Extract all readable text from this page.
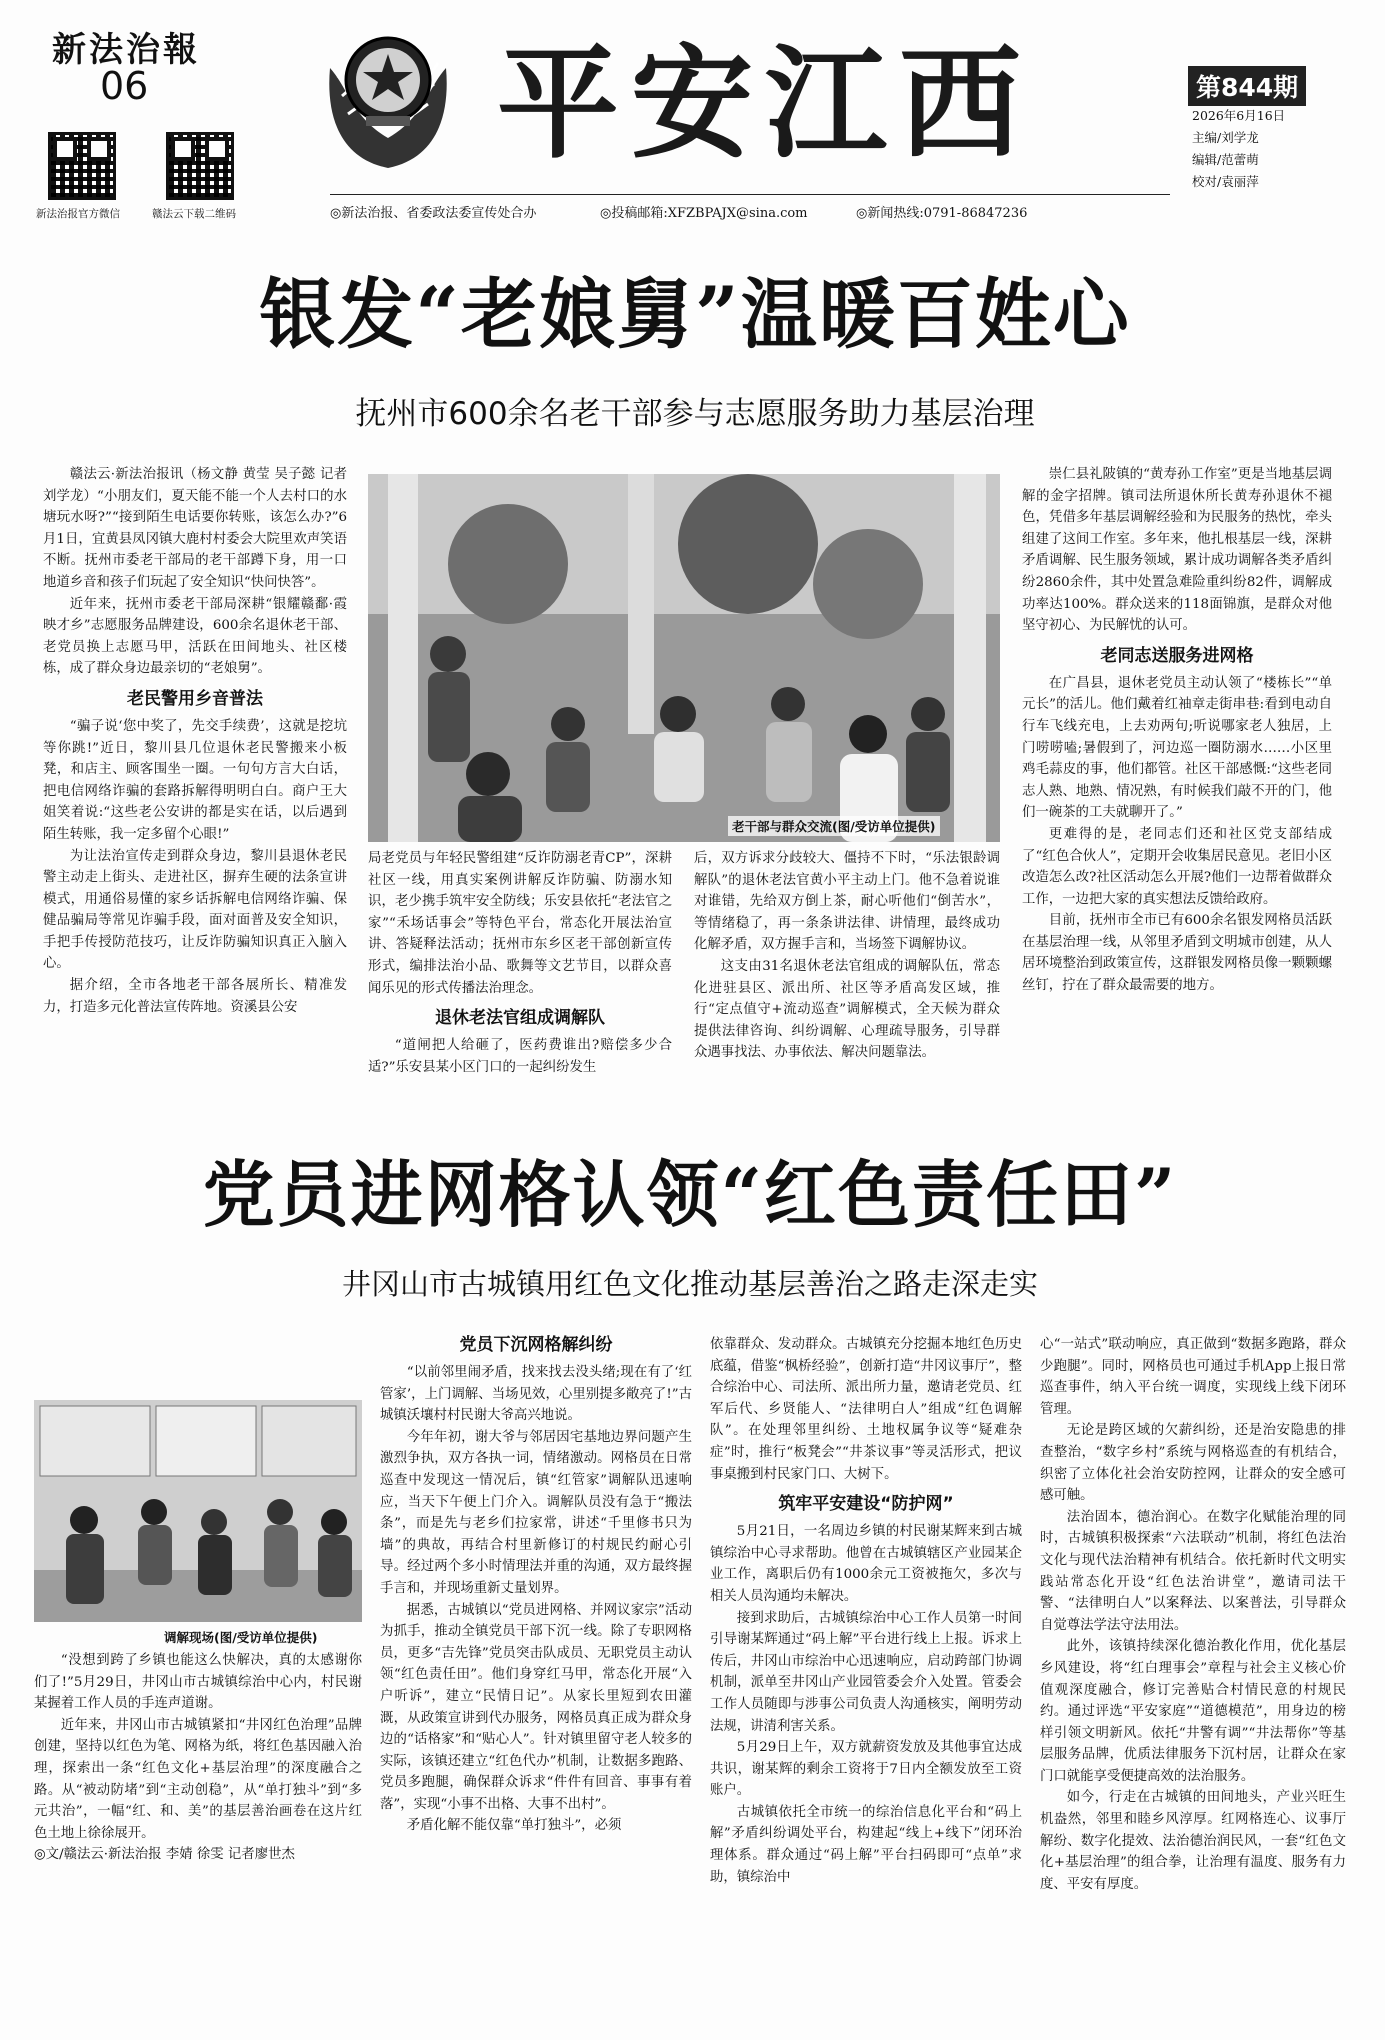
新法治報
06
新法治报官方微信	赣法云下载二维码
平安江西	第844期
2026年6月16日
主编/刘学龙
编辑/范蕾萌
校对/袁丽萍
◎新法治报、省委政法委宣传处合办	◎投稿邮箱:XFZBPAJX@sina.com	◎新闻热线:0791-86847236
银发“老娘舅”温暖百姓心
抚州市600余名老干部参与志愿服务助力基层治理
老干部与群众交流(图/受访单位提供)

赣法云·新法治报讯（杨文静 黄莹 吴子懿 记者刘学龙）“小朋友们，夏天能不能一个人去村口的水塘玩水呀?”“接到陌生电话要你转账，该怎么办?”6月1日，宜黄县凤冈镇大鹿村村委会大院里欢声笑语不断。抚州市委老干部局的老干部蹲下身，用一口地道乡音和孩子们玩起了安全知识“快问快答”。

近年来，抚州市委老干部局深耕“银耀赣鄱·霞映才乡”志愿服务品牌建设，600余名退休老干部、老党员换上志愿马甲，活跃在田间地头、社区楼栋，成了群众身边最亲切的“老娘舅”。

老民警用乡音普法

“骗子说‘您中奖了，先交手续费’，这就是挖坑等你跳!”近日，黎川县几位退休老民警搬来小板凳，和店主、顾客围坐一圈。一句句方言大白话，把电信网络诈骗的套路拆解得明明白白。商户王大姐笑着说:“这些老公安讲的都是实在话，以后遇到陌生转账，我一定多留个心眼!”

为让法治宣传走到群众身边，黎川县退休老民警主动走上街头、走进社区，摒弃生硬的法条宣讲模式，用通俗易懂的家乡话拆解电信网络诈骗、保健品骗局等常见诈骗手段，面对面普及安全知识，手把手传授防范技巧，让反诈防骗知识真正入脑入心。

据介绍，全市各地老干部各展所长、精准发力，打造多元化普法宣传阵地。资溪县公安

局老党员与年轻民警组建“反诈防溺老青CP”，深耕社区一线，用真实案例讲解反诈防骗、防溺水知识，老少携手筑牢安全防线；乐安县依托“老法官之家”“禾场话事会”等特色平台，常态化开展法治宣讲、答疑释法活动；抚州市东乡区老干部创新宣传形式，编排法治小品、歌舞等文艺节目，以群众喜闻乐见的形式传播法治理念。

退休老法官组成调解队

“道闸把人给砸了，医药费谁出?赔偿多少合适?”乐安县某小区门口的一起纠纷发生

后，双方诉求分歧较大、僵持不下时，“乐法银龄调解队”的退休老法官黄小平主动上门。他不急着说谁对谁错，先给双方倒上茶，耐心听他们“倒苦水”，等情绪稳了，再一条条讲法律、讲情理，最终成功化解矛盾，双方握手言和，当场签下调解协议。

这支由31名退休老法官组成的调解队伍，常态化进驻县区、派出所、社区等矛盾高发区域，推行“定点值守+流动巡查”调解模式，全天候为群众提供法律咨询、纠纷调解、心理疏导服务，引导群众遇事找法、办事依法、解决问题靠法。

崇仁县礼陂镇的“黄寿孙工作室”更是当地基层调解的金字招牌。镇司法所退休所长黄寿孙退休不褪色，凭借多年基层调解经验和为民服务的热忱，牵头组建了这间工作室。多年来，他扎根基层一线，深耕矛盾调解、民生服务领域，累计成功调解各类矛盾纠纷2860余件，其中处置急难险重纠纷82件，调解成功率达100%。群众送来的118面锦旗，是群众对他坚守初心、为民解忧的认可。

老同志送服务进网格

在广昌县，退休老党员主动认领了“楼栋长”“单元长”的活儿。他们戴着红袖章走街串巷:看到电动自行车飞线充电，上去劝两句;听说哪家老人独居，上门唠唠嗑;暑假到了，河边巡一圈防溺水……小区里鸡毛蒜皮的事，他们都管。社区干部感慨:“这些老同志人熟、地熟、情况熟，有时候我们敲不开的门，他们一碗茶的工夫就聊开了。”

更难得的是，老同志们还和社区党支部结成了“红色合伙人”，定期开会收集居民意见。老旧小区改造怎么改?社区活动怎么开展?他们一边帮着做群众工作，一边把大家的真实想法反馈给政府。

目前，抚州市全市已有600余名银发网格员活跃在基层治理一线，从邻里矛盾到文明城市创建，从人居环境整治到政策宣传，这群银发网格员像一颗颗螺丝钉，拧在了群众最需要的地方。

党员进网格认领“红色责任田”
井冈山市古城镇用红色文化推动基层善治之路走深走实
调解现场(图/受访单位提供)

“没想到跨了乡镇也能这么快解决，真的太感谢你们了!”5月29日，井冈山市古城镇综治中心内，村民谢某握着工作人员的手连声道谢。

近年来，井冈山市古城镇紧扣“井冈红色治理”品牌创建，坚持以红色为笔、网格为纸，将红色基因融入治理，探索出一条“红色文化+基层治理”的深度融合之路。从“被动防堵”到“主动创稳”，从“单打独斗”到“多元共治”，一幅“红、和、美”的基层善治画卷在这片红色土地上徐徐展开。

◎文/赣法云·新法治报 李婧 徐雯 记者廖世杰

党员下沉网格解纠纷

“以前邻里闹矛盾，找来找去没头绪;现在有了‘红管家’，上门调解、当场见效，心里别提多敞亮了!”古城镇沃壤村村民谢大爷高兴地说。

今年年初，谢大爷与邻居因宅基地边界问题产生激烈争执，双方各执一词，情绪激动。网格员在日常巡查中发现这一情况后，镇“红管家”调解队迅速响应，当天下午便上门介入。调解队员没有急于“搬法条”，而是先与老乡们拉家常，讲述“千里修书只为墙”的典故，再结合村里新修订的村规民约耐心引导。经过两个多小时情理法并重的沟通，双方最终握手言和，并现场重新丈量划界。

据悉，古城镇以“党员进网格、并网议家宗”活动为抓手，推动全镇党员干部下沉一线。除了专职网格员，更多“吉先锋”党员突击队成员、无职党员主动认领“红色责任田”。他们身穿红马甲，常态化开展“入户听诉”，建立“民情日记”。从家长里短到农田灌溉，从政策宣讲到代办服务，网格员真正成为群众身边的“话格家”和“贴心人”。针对镇里留守老人较多的实际，该镇还建立“红色代办”机制，让数据多跑路、党员多跑腿，确保群众诉求“件件有回音、事事有着落”，实现“小事不出格、大事不出村”。

矛盾化解不能仅靠“单打独斗”，必须

依靠群众、发动群众。古城镇充分挖掘本地红色历史底蕴，借鉴“枫桥经验”，创新打造“井冈议事厅”，整合综治中心、司法所、派出所力量，邀请老党员、红军后代、乡贤能人、“法律明白人”组成“红色调解队”。在处理邻里纠纷、土地权属争议等“疑难杂症”时，推行“板凳会”“井茶议事”等灵活形式，把议事桌搬到村民家门口、大树下。

筑牢平安建设“防护网”

5月21日，一名周边乡镇的村民谢某辉来到古城镇综治中心寻求帮助。他曾在古城镇辖区产业园某企业工作，离职后仍有1000余元工资被拖欠，多次与相关人员沟通均未解决。

接到求助后，古城镇综治中心工作人员第一时间引导谢某辉通过“码上解”平台进行线上上报。诉求上传后，井冈山市综治中心迅速响应，启动跨部门协调机制，派单至井冈山产业园管委会介入处置。管委会工作人员随即与涉事公司负责人沟通核实，阐明劳动法规，讲清利害关系。

5月29日上午，双方就薪资发放及其他事宜达成共识，谢某辉的剩余工资将于7日内全额发放至工资账户。

古城镇依托全市统一的综治信息化平台和“码上解”矛盾纠纷调处平台，构建起“线上+线下”闭环治理体系。群众通过“码上解”平台扫码即可“点单”求助，镇综治中

心“一站式”联动响应，真正做到“数据多跑路，群众少跑腿”。同时，网格员也可通过手机App上报日常巡查事件，纳入平台统一调度，实现线上线下闭环管理。

无论是跨区域的欠薪纠纷，还是治安隐患的排查整治，“数字乡村”系统与网格巡查的有机结合，织密了立体化社会治安防控网，让群众的安全感可感可触。

法治固本，德治润心。在数字化赋能治理的同时，古城镇积极探索“六法联动”机制，将红色法治文化与现代法治精神有机结合。依托新时代文明实践站常态化开设“红色法治讲堂”，邀请司法干警、“法律明白人”以案释法、以案普法，引导群众自觉尊法学法守法用法。

此外，该镇持续深化德治教化作用，优化基层乡风建设，将“红白理事会”章程与社会主义核心价值观深度融合，修订完善贴合村情民意的村规民约。通过评选“平安家庭”“道德模范”，用身边的榜样引领文明新风。依托“井警有调”“井法帮你”等基层服务品牌，优质法律服务下沉村居，让群众在家门口就能享受便捷高效的法治服务。

如今，行走在古城镇的田间地头，产业兴旺生机盎然，邻里和睦乡风淳厚。红网格连心、议事厅解纷、数字化提效、法治德治润民风，一套“红色文化+基层治理”的组合拳，让治理有温度、服务有力度、平安有厚度。
